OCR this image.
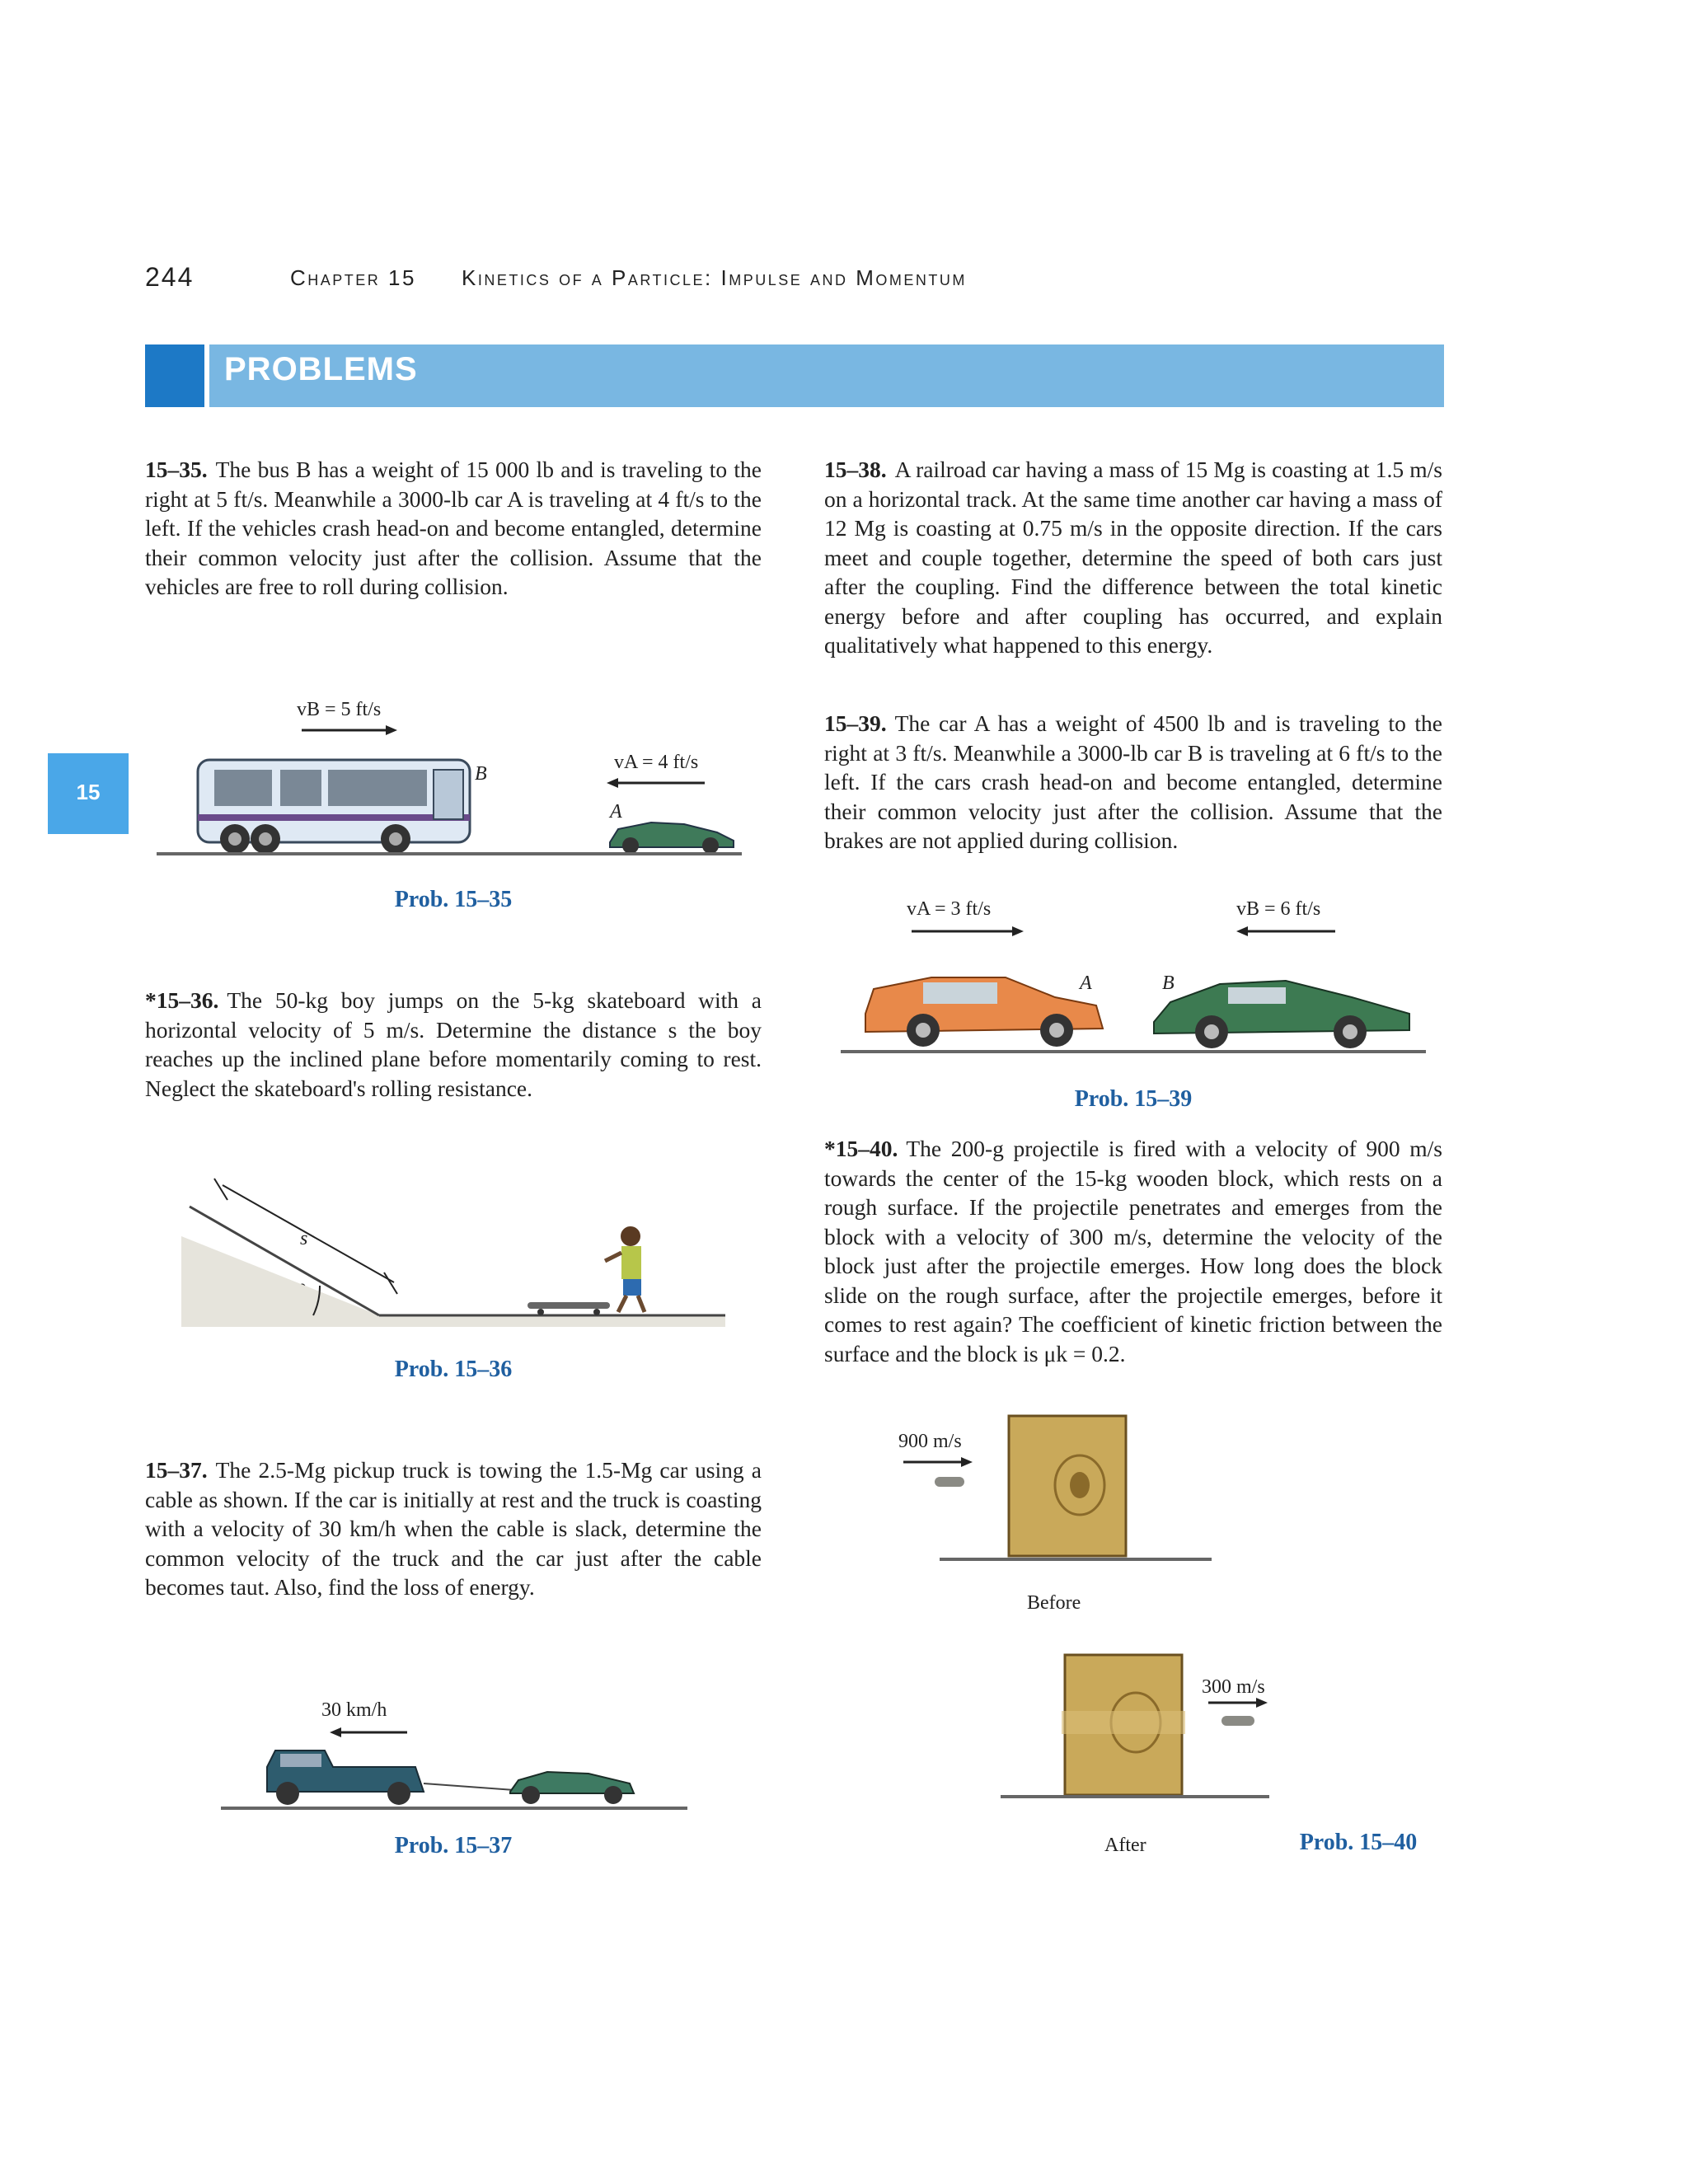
244	Chapter 15 Kinetics of a Particle: Impulse and Momentum
PROBLEMS
15
15–35. The bus B has a weight of 15 000 lb and is traveling to the right at 5 ft/s. Meanwhile a 3000-lb car A is traveling at 4 ft/s to the left. If the vehicles crash head-on and become entangled, determine their common velocity just after the collision. Assume that the vehicles are free to roll during collision.
vB = 5 ft/s
vA = 4 ft/s
B
A
Prob. 15–35
*15–36. The 50-kg boy jumps on the 5-kg skateboard with a horizontal velocity of 5 m/s. Determine the distance s the boy reaches up the inclined plane before momentarily coming to rest. Neglect the skateboard's rolling resistance.
s
Prob. 15–36
15–37. The 2.5-Mg pickup truck is towing the 1.5-Mg car using a cable as shown. If the car is initially at rest and the truck is coasting with a velocity of 30 km/h when the cable is slack, determine the common velocity of the truck and the car just after the cable becomes taut. Also, find the loss of energy.
30 km/h
Prob. 15–37
15–38. A railroad car having a mass of 15 Mg is coasting at 1.5 m/s on a horizontal track. At the same time another car having a mass of 12 Mg is coasting at 0.75 m/s in the opposite direction. If the cars meet and couple together, determine the speed of both cars just after the coupling. Find the difference between the total kinetic energy before and after coupling has occurred, and explain qualitatively what happened to this energy.
15–39. The car A has a weight of 4500 lb and is traveling to the right at 3 ft/s. Meanwhile a 3000-lb car B is traveling at 6 ft/s to the left. If the cars crash head-on and become entangled, determine their common velocity just after the collision. Assume that the brakes are not applied during collision.
vA = 3 ft/s	vB = 6 ft/s
A	B
Prob. 15–39
*15–40. The 200-g projectile is fired with a velocity of 900 m/s towards the center of the 15-kg wooden block, which rests on a rough surface. If the projectile penetrates and emerges from the block with a velocity of 300 m/s, determine the velocity of the block just after the projectile emerges. How long does the block slide on the rough surface, after the projectile emerges, before it comes to rest again? The coefficient of kinetic friction between the surface and the block is μk = 0.2.
900 m/s
Before
300 m/s
After	Prob. 15–40
